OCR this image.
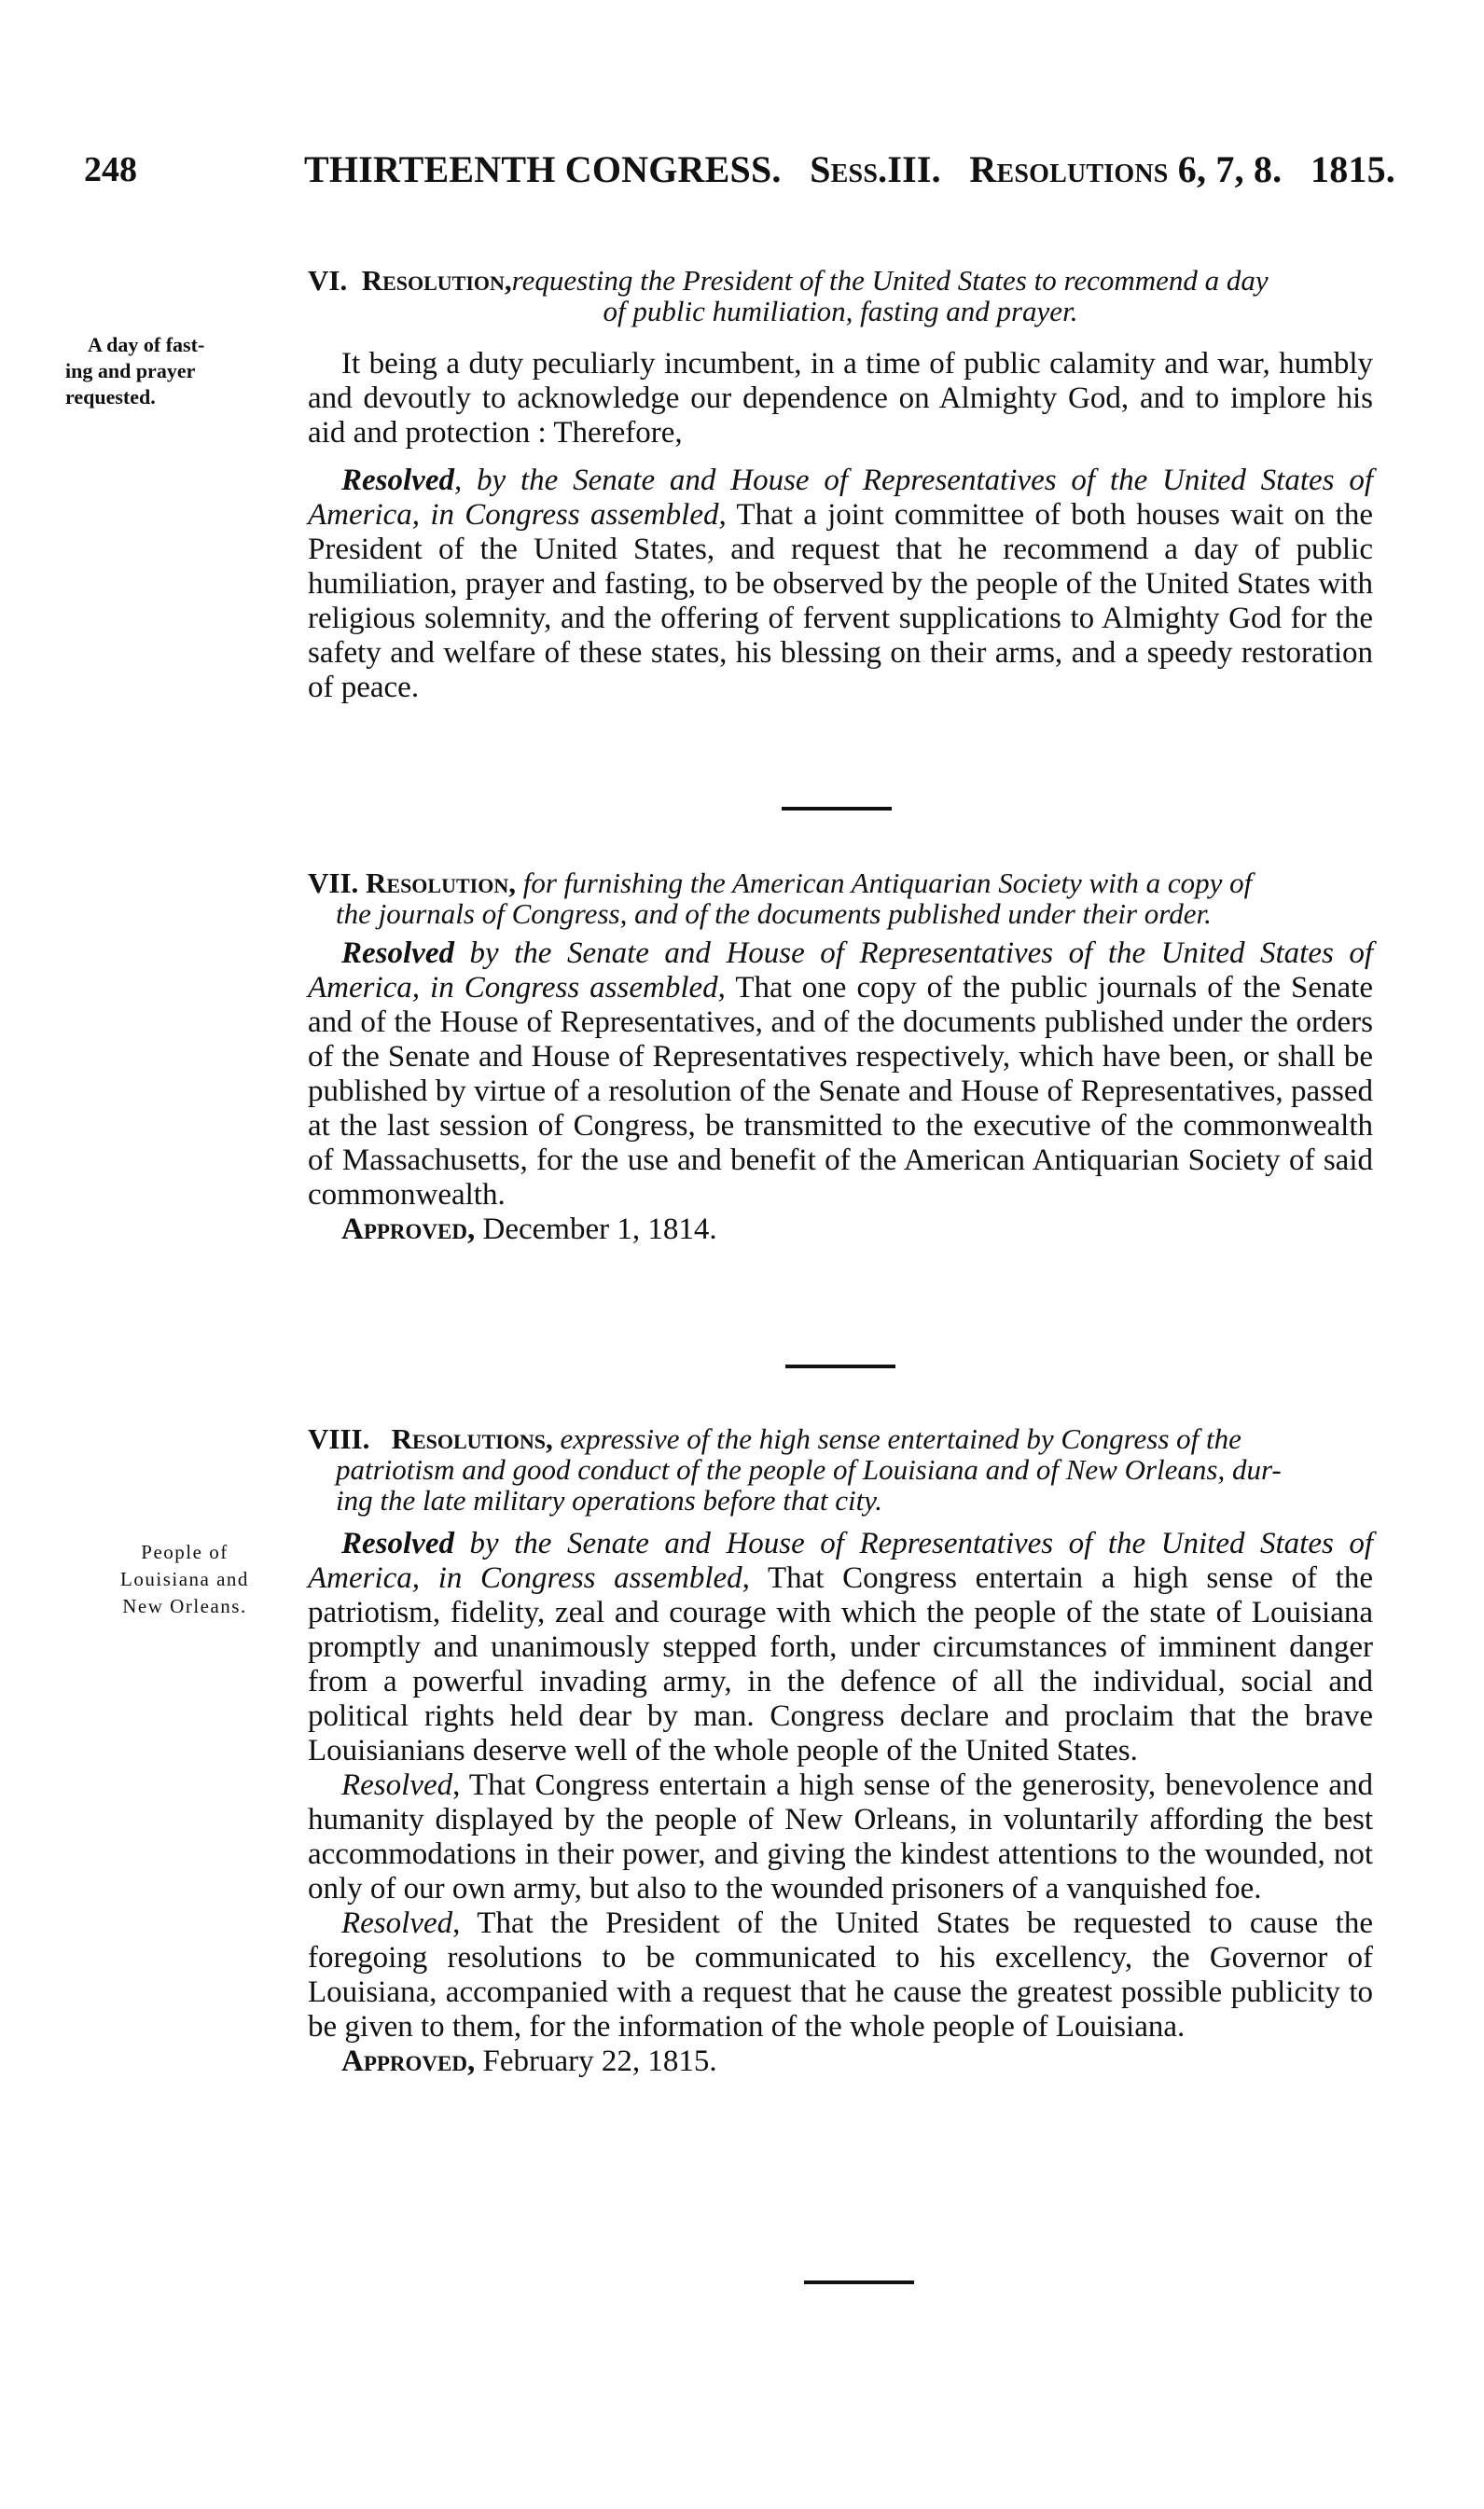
248	THIRTEENTH CONGRESS. Sess.III. Resolutions 6, 7, 8. 1815.
VI. Resolution,requesting the President of the United States to recommend a day
of public humiliation, fasting and prayer.

It being a duty peculiarly incumbent, in a time of public calamity and war, humbly and devoutly to acknowledge our dependence on Almighty God, and to implore his aid and protection : Therefore,

Resolved, by the Senate and House of Representatives of the United States of America, in Congress assembled, That a joint committee of both houses wait on the President of the United States, and request that he recommend a day of public humiliation, prayer and fasting, to be observed by the people of the United States with religious solemnity, and the offering of fervent supplications to Almighty God for the safety and welfare of these states, his blessing on their arms, and a speedy restoration of peace.

A day of fast-
ing and prayer
requested.
VII. Resolution, for furnishing the American Antiquarian Society with a copy of
the journals of Congress, and of the documents published under their order.

Resolved by the Senate and House of Representatives of the United States of America, in Congress assembled, That one copy of the public journals of the Senate and of the House of Representatives, and of the documents published under the orders of the Senate and House of Representatives respectively, which have been, or shall be published by virtue of a resolution of the Senate and House of Representatives, passed at the last session of Congress, be transmitted to the executive of the commonwealth of Massachusetts, for the use and benefit of the American Antiquarian Society of said commonwealth.

Approved, December 1, 1814.
VIII. Resolutions, expressive of the high sense entertained by Congress of the
patriotism and good conduct of the people of Louisiana and of New Orleans, dur-
ing the late military operations before that city.

Resolved by the Senate and House of Representatives of the United States of America, in Congress assembled, That Congress entertain a high sense of the patriotism, fidelity, zeal and courage with which the people of the state of Louisiana promptly and unanimously stepped forth, under circumstances of imminent danger from a powerful invading army, in the defence of all the individual, social and political rights held dear by man. Congress declare and proclaim that the brave Louisianians deserve well of the whole people of the United States.

Resolved, That Congress entertain a high sense of the generosity, benevolence and humanity displayed by the people of New Orleans, in voluntarily affording the best accommodations in their power, and giving the kindest attentions to the wounded, not only of our own army, but also to the wounded prisoners of a vanquished foe.

Resolved, That the President of the United States be requested to cause the foregoing resolutions to be communicated to his excellency, the Governor of Louisiana, accompanied with a request that he cause the greatest possible publicity to be given to them, for the information of the whole people of Louisiana.

Approved, February 22, 1815.
People of
Louisiana and
New Orleans.
